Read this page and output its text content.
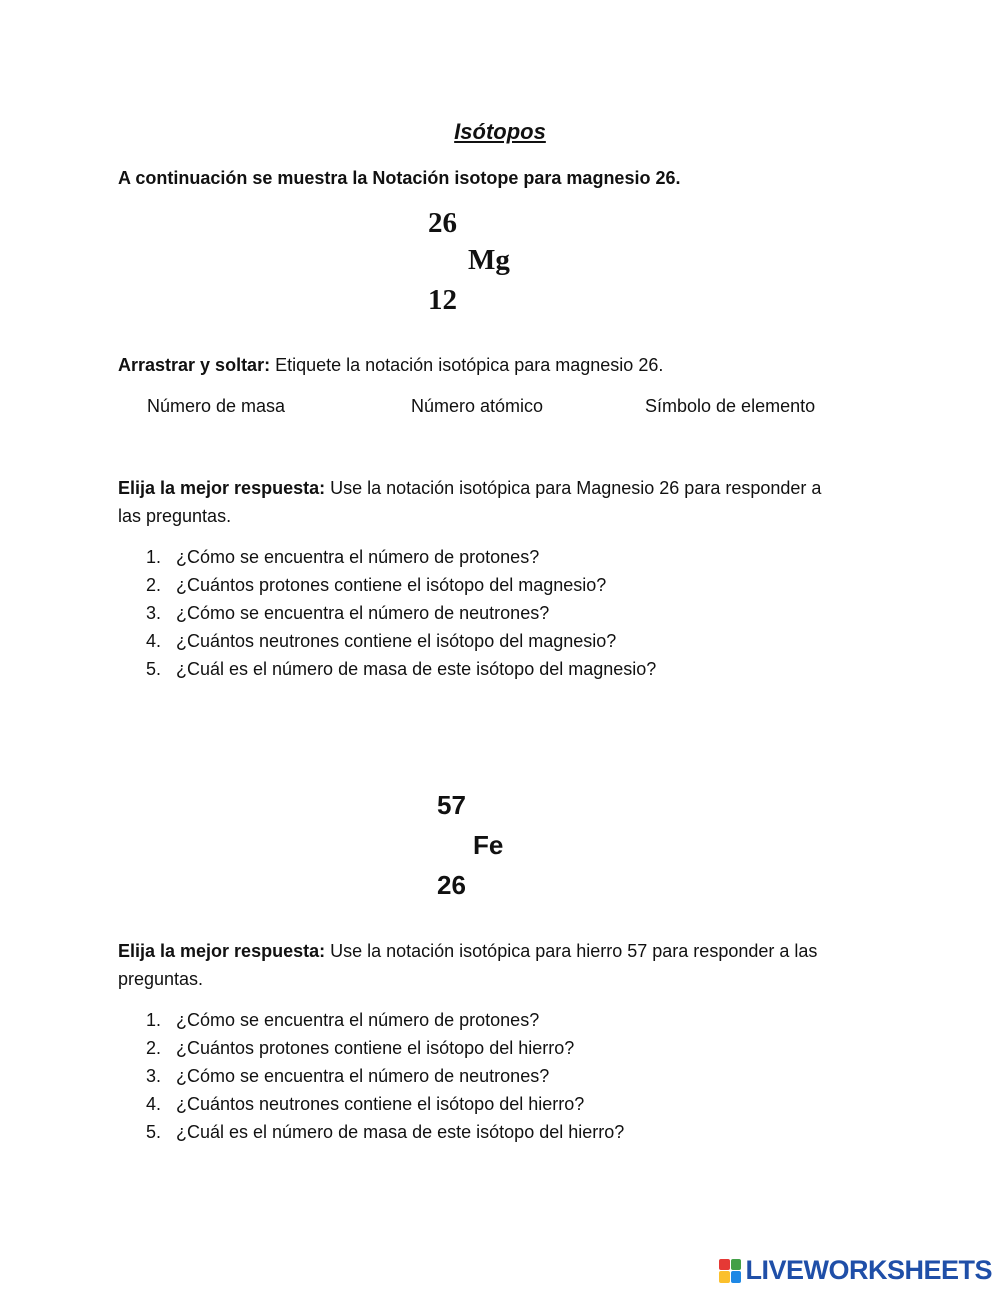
Isótopos
A continuación se muestra la Notación isotope para magnesio 26.
26
Mg
12
Arrastrar y soltar: Etiquete la notación isotópica para magnesio 26.
Número de masa	Número atómico	Símbolo de elemento
Elija la mejor respuesta: Use la notación isotópica para Magnesio 26 para responder a
las preguntas.
1. ¿Cómo se encuentra el número de protones?
2. ¿Cuántos protones contiene el isótopo del magnesio?
3. ¿Cómo se encuentra el número de neutrones?
4. ¿Cuántos neutrones contiene el isótopo del magnesio?
5. ¿Cuál es el número de masa de este isótopo del magnesio?
57
Fe
26
Elija la mejor respuesta: Use la notación isotópica para hierro 57 para responder a las
preguntas.
1. ¿Cómo se encuentra el número de protones?
2. ¿Cuántos protones contiene el isótopo del hierro?
3. ¿Cómo se encuentra el número de neutrones?
4. ¿Cuántos neutrones contiene el isótopo del hierro?
5. ¿Cuál es el número de masa de este isótopo del hierro?
LIVEWORKSHEETS
